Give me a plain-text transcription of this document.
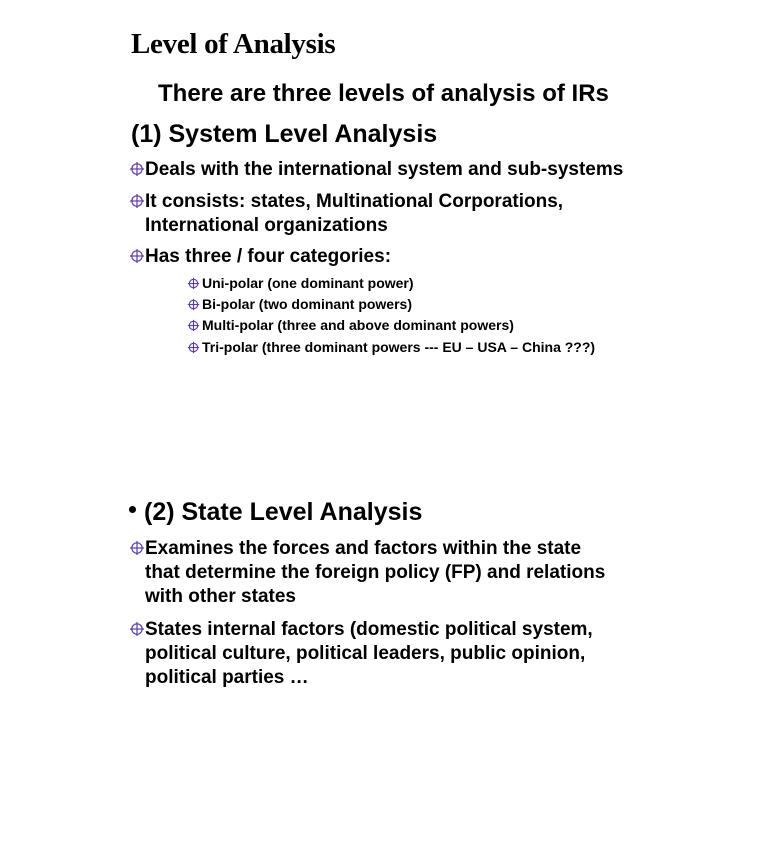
Level of Analysis
There are three levels of analysis of IRs
(1) System Level Analysis
Deals with the international system and sub-systems
It consists: states, Multinational Corporations,
International organizations
Has three / four categories:
Uni-polar (one dominant power)
Bi-polar (two dominant powers)
Multi-polar (three and above dominant powers)
Tri-polar (three dominant powers --- EU – USA – China ???)
(2) State Level Analysis
Examines the forces and factors within the state
that determine the foreign policy (FP) and relations
with other states
States internal factors (domestic political system,
political culture, political leaders, public opinion,
political parties …
